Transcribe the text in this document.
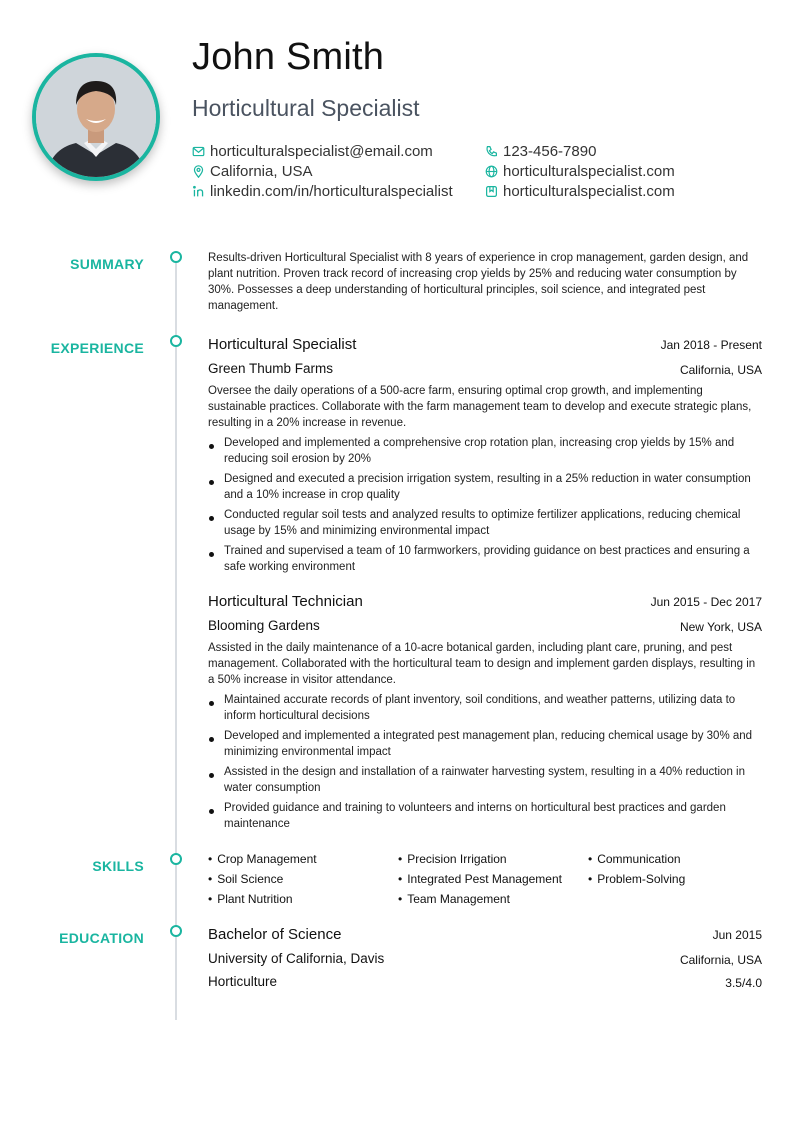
John Smith
Horticultural Specialist
horticulturalspecialist@email.com	123-456-7890
California, USA	horticulturalspecialist.com
linkedin.com/in/horticulturalspecialist	horticulturalspecialist.com
SUMMARY	Results-driven Horticultural Specialist with 8 years of experience in crop management, garden design, and plant nutrition. Proven track record of increasing crop yields by 25% and reducing water consumption by 30%. Possesses a deep understanding of horticultural principles, soil science, and integrated pest management.
EXPERIENCE	Horticultural Specialist	Jan 2018 - Present
Green Thumb Farms	California, USA
Oversee the daily operations of a 500-acre farm, ensuring optimal crop growth, and implementing sustainable practices. Collaborate with the farm management team to develop and execute strategic plans, resulting in a 20% increase in revenue.
Developed and implemented a comprehensive crop rotation plan, increasing crop yields by 15% and reducing soil erosion by 20%
Designed and executed a precision irrigation system, resulting in a 25% reduction in water consumption and a 10% increase in crop quality
Conducted regular soil tests and analyzed results to optimize fertilizer applications, reducing chemical usage by 15% and minimizing environmental impact
Trained and supervised a team of 10 farmworkers, providing guidance on best practices and ensuring a safe working environment
Horticultural Technician	Jun 2015 - Dec 2017
Blooming Gardens	New York, USA
Assisted in the daily maintenance of a 10-acre botanical garden, including plant care, pruning, and pest management. Collaborated with the horticultural team to design and implement garden displays, resulting in a 50% increase in visitor attendance.
Maintained accurate records of plant inventory, soil conditions, and weather patterns, utilizing data to inform horticultural decisions
Developed and implemented a integrated pest management plan, reducing chemical usage by 30% and minimizing environmental impact
Assisted in the design and installation of a rainwater harvesting system, resulting in a 40% reduction in water consumption
Provided guidance and training to volunteers and interns on horticultural best practices and garden maintenance
SKILLS	• Crop Management	• Precision Irrigation	• Communication
• Soil Science	• Integrated Pest Management	• Problem-Solving
• Plant Nutrition	• Team Management
EDUCATION	Bachelor of Science	Jun 2015
University of California, Davis	California, USA
Horticulture	3.5/4.0
